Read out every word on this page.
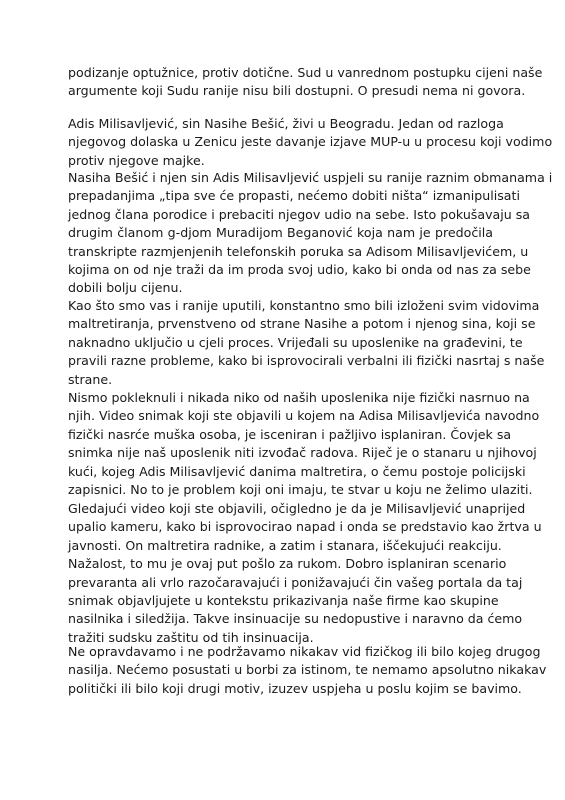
podizanje optužnice, protiv dotične. Sud u vanrednom postupku cijeni naše
argumente koji Sudu ranije nisu bili dostupni. O presudi nema ni govora.
Adis Milisavljević, sin Nasihe Bešić, živi u Beogradu. Jedan od razloga
njegovog dolaska u Zenicu jeste davanje izjave MUP-u u procesu koji vodimo
protiv njegove majke.
Nasiha Bešić i njen sin Adis Milisavljević uspjeli su ranije raznim obmanama i
prepadanjima „tipa sve će propasti, nećemo dobiti ništa“ izmanipulisati
jednog člana porodice i prebaciti njegov udio na sebe. Isto pokušavaju sa
drugim članom g-djom Muradijom Beganović koja nam je predočila
transkripte razmjenjenih telefonskih poruka sa Adisom Milisavljevićem, u
kojima on od nje traži da im proda svoj udio, kako bi onda od nas za sebe
dobili bolju cijenu.
Kao što smo vas i ranije uputili, konstantno smo bili izloženi svim vidovima
maltretiranja, prvenstveno od strane Nasihe a potom i njenog sina, koji se
naknadno uključio u cjeli proces. Vrijeđali su uposlenike na građevini, te
pravili razne probleme, kako bi isprovocirali verbalni ili fizički nasrtaj s naše
strane.
Nismo pokleknuli i nikada niko od naših uposlenika nije fizički nasrnuo na
njih. Video snimak koji ste objavili u kojem na Adisa Milisavljevića navodno
fizički nasrće muška osoba, je isceniran i pažljivo isplaniran. Čovjek sa
snimka nije naš uposlenik niti izvođač radova. Riječ je o stanaru u njihovoj
kući, kojeg Adis Milisavljević danima maltretira, o čemu postoje policijski
zapisnici. No to je problem koji oni imaju, te stvar u koju ne želimo ulaziti.
Gledajući video koji ste objavili, očigledno je da je Milisavljević unaprijed
upalio kameru, kako bi isprovocirao napad i onda se predstavio kao žrtva u
javnosti. On maltretira radnike, a zatim i stanara, iščekujući reakciju.
Nažalost, to mu je ovaj put pošlo za rukom. Dobro isplaniran scenario
prevaranta ali vrlo razočaravajući i ponižavajući čin vašeg portala da taj
snimak objavljujete u kontekstu prikazivanja naše firme kao skupine
nasilnika i siledžija. Takve insinuacije su nedopustive i naravno da ćemo
tražiti sudsku zaštitu od tih insinuacija.
Ne opravdavamo i ne podržavamo nikakav vid fizičkog ili bilo kojeg drugog
nasilja. Nećemo posustati u borbi za istinom, te nemamo apsolutno nikakav
politički ili bilo koji drugi motiv, izuzev uspjeha u poslu kojim se bavimo.
